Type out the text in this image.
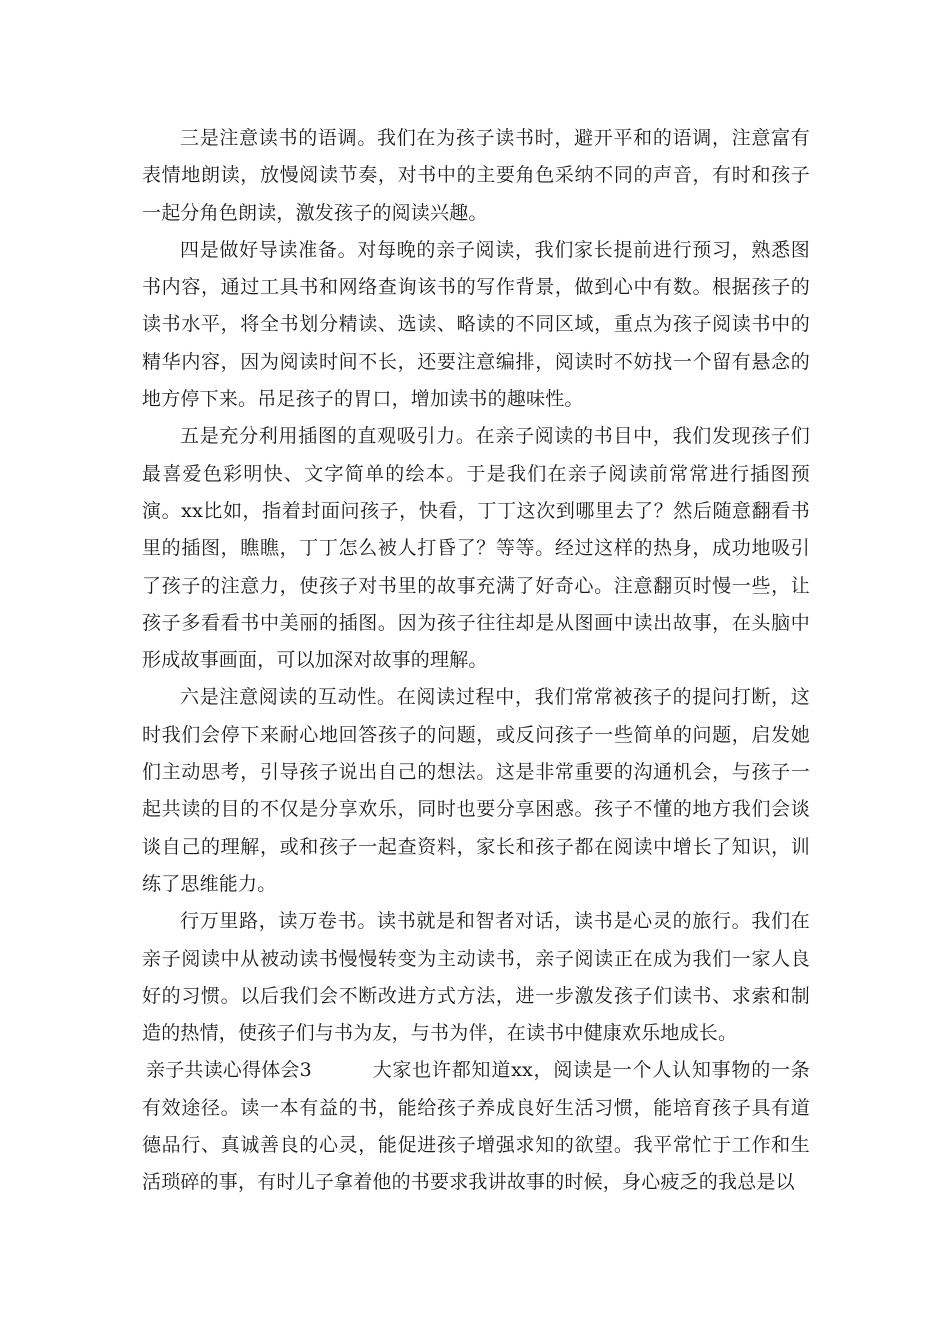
三是注意读书的语调。我们在为孩子读书时，避开平和的语调，注意富有表情地朗读，放慢阅读节奏，对书中的主要角色采纳不同的声音，有时和孩子一起分角色朗读，激发孩子的阅读兴趣。

四是做好导读准备。对每晚的亲子阅读，我们家长提前进行预习，熟悉图书内容，通过工具书和网络查询该书的写作背景，做到心中有数。根据孩子的读书水平，将全书划分精读、选读、略读的不同区域，重点为孩子阅读书中的精华内容，因为阅读时间不长，还要注意编排，阅读时不妨找一个留有悬念的地方停下来。吊足孩子的胃口，增加读书的趣味性。

五是充分利用插图的直观吸引力。在亲子阅读的书目中，我们发现孩子们最喜爱色彩明快、文字简单的绘本。于是我们在亲子阅读前常常进行插图预演。xx比如，指着封面问孩子，快看，丁丁这次到哪里去了？然后随意翻看书里的插图，瞧瞧，丁丁怎么被人打昏了？等等。经过这样的热身，成功地吸引了孩子的注意力，使孩子对书里的故事充满了好奇心。注意翻页时慢一些，让孩子多看看书中美丽的插图。因为孩子往往却是从图画中读出故事，在头脑中形成故事画面，可以加深对故事的理解。

六是注意阅读的互动性。在阅读过程中，我们常常被孩子的提问打断，这时我们会停下来耐心地回答孩子的问题，或反问孩子一些简单的问题，启发她们主动思考，引导孩子说出自己的想法。这是非常重要的沟通机会，与孩子一起共读的目的不仅是分享欢乐，同时也要分享困惑。孩子不懂的地方我们会谈谈自己的理解，或和孩子一起查资料，家长和孩子都在阅读中增长了知识，训练了思维能力。

行万里路，读万卷书。读书就是和智者对话，读书是心灵的旅行。我们在亲子阅读中从被动读书慢慢转变为主动读书，亲子阅读正在成为我们一家人良好的习惯。以后我们会不断改进方式方法，进一步激发孩子们读书、求索和制造的热情，使孩子们与书为友，与书为伴，在读书中健康欢乐地成长。

亲子共读心得体会3	大家也许都知道xx，阅读是一个人认知事物的一条有效途径。读一本有益的书，能给孩子养成良好生活习惯，能培育孩子具有道德品行、真诚善良的心灵，能促进孩子增强求知的欲望。我平常忙于工作和生活琐碎的事，有时儿子拿着他的书要求我讲故事的时候，身心疲乏的我总是以
